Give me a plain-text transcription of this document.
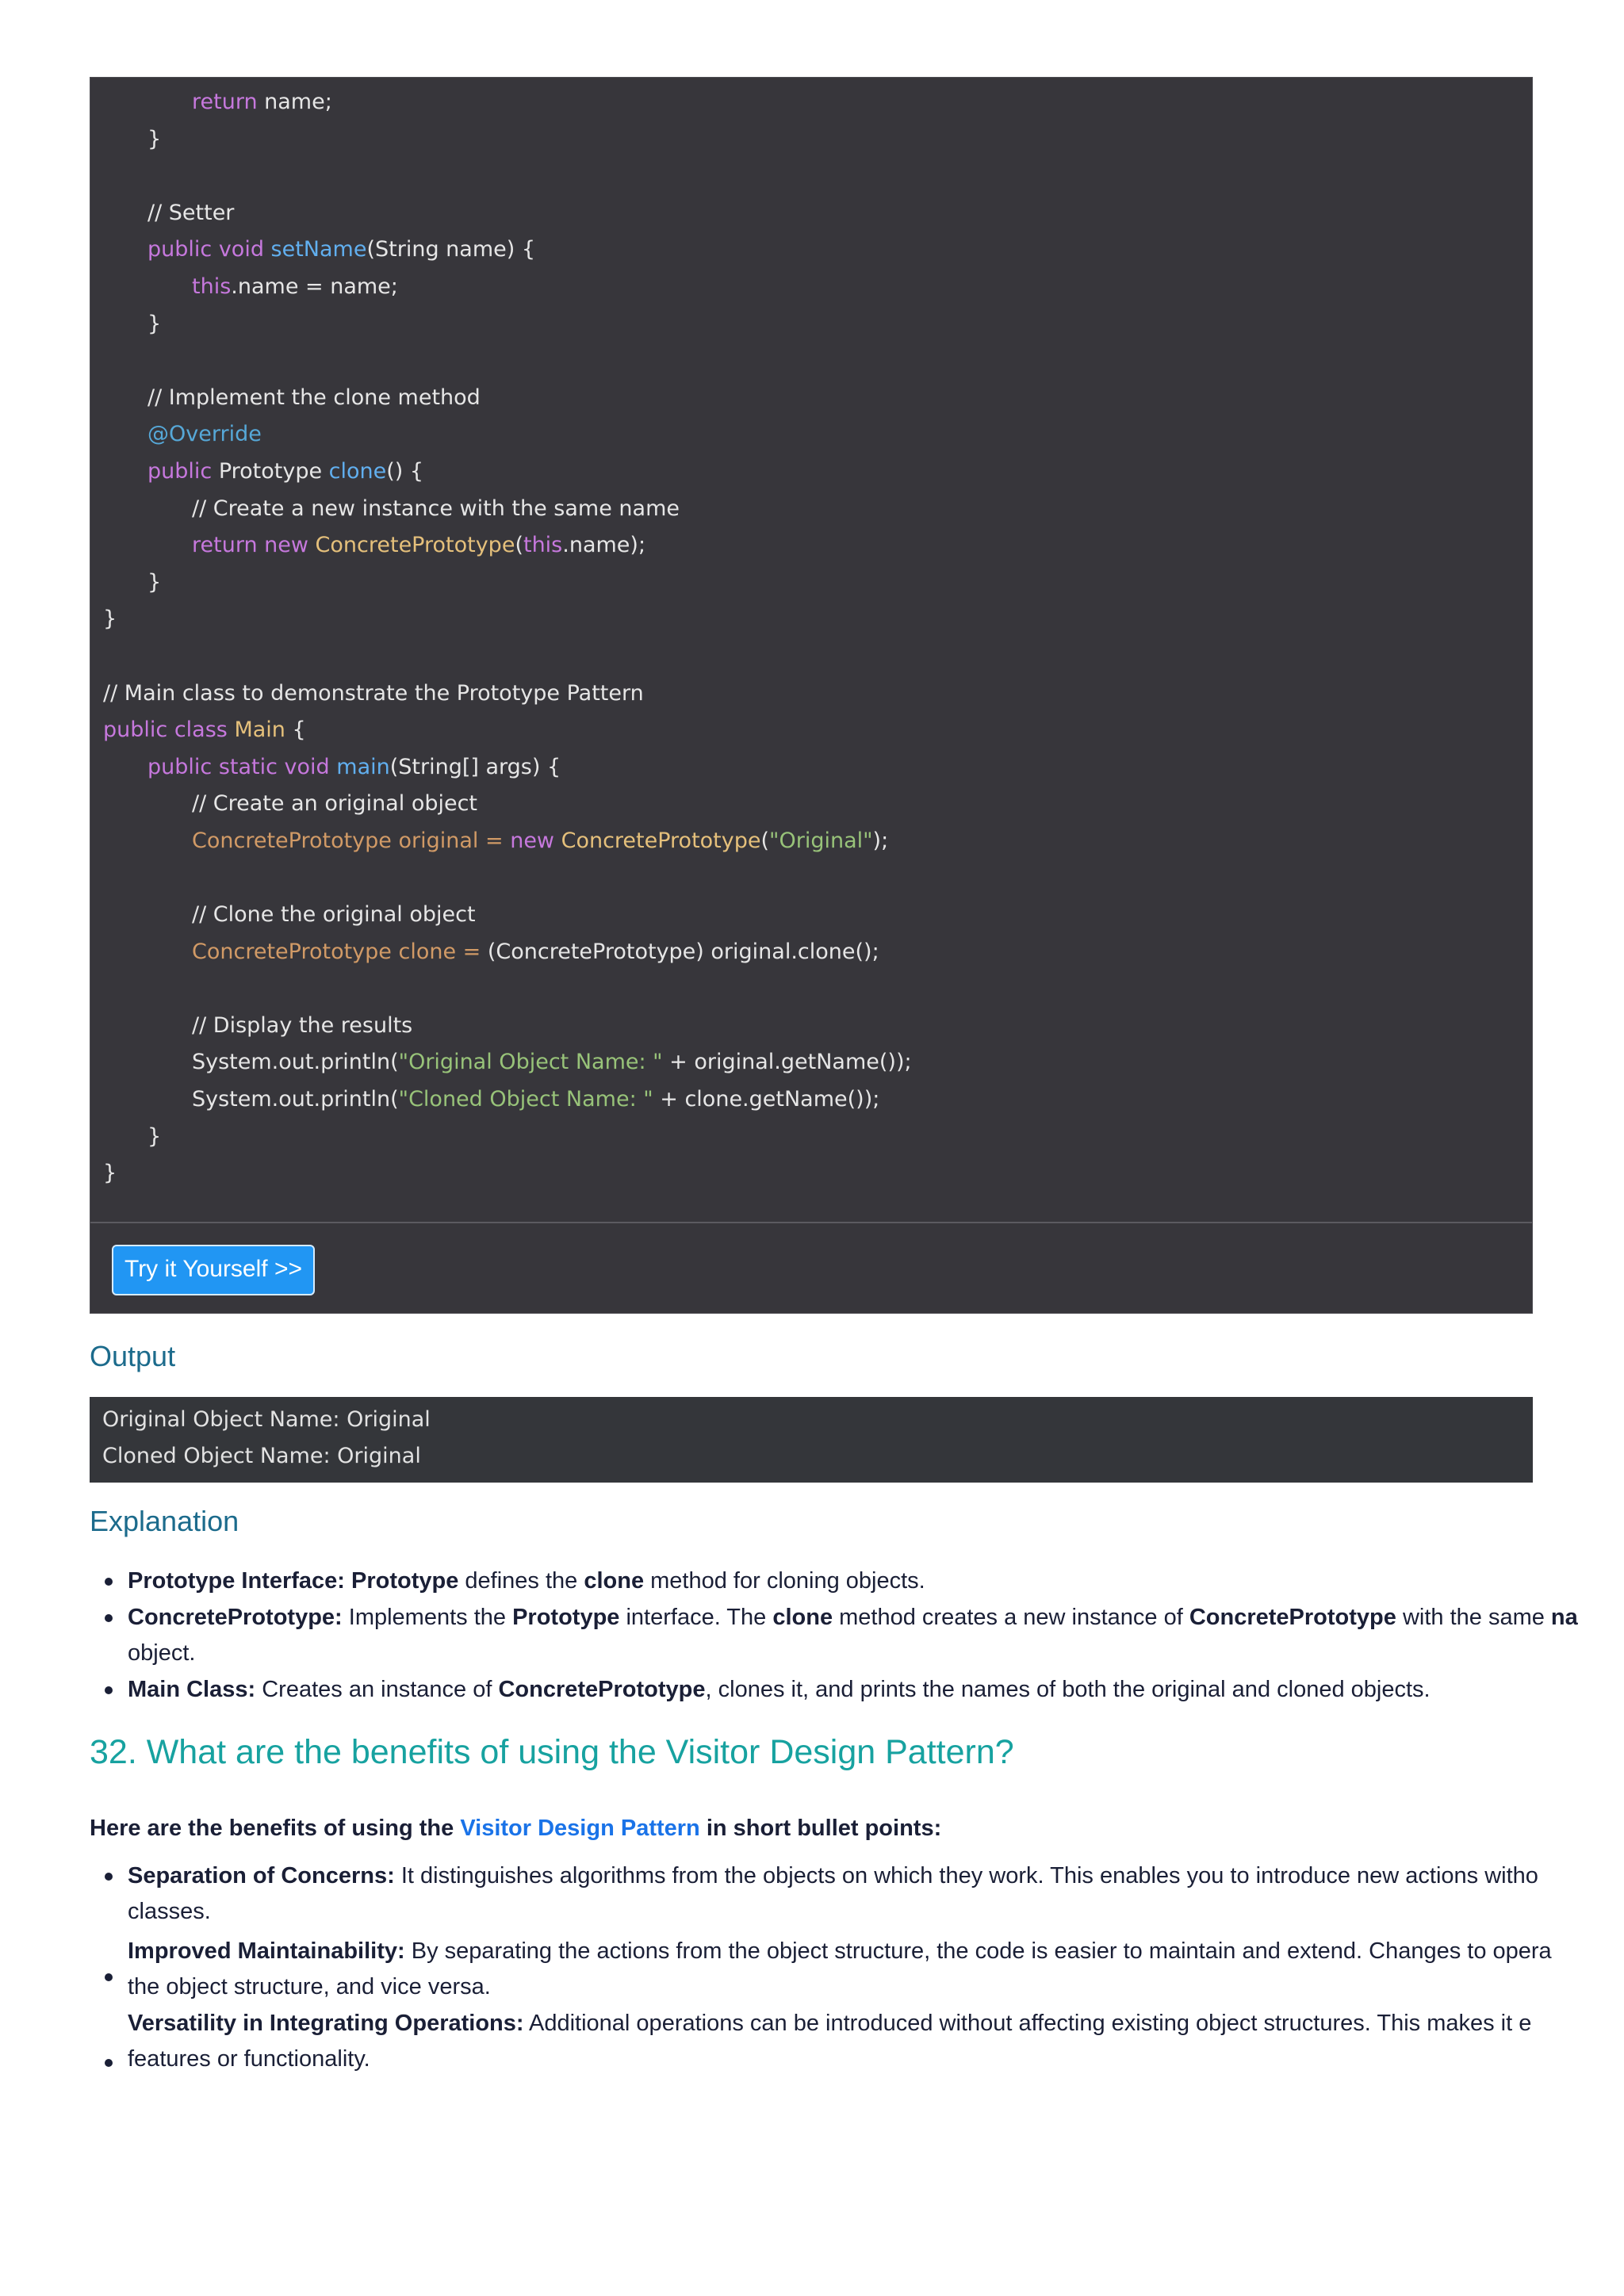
return name;
}
// Setter
public void setName(String name) {
this.name = name;
}
// Implement the clone method
@Override
public Prototype clone() {
// Create a new instance with the same name
return new ConcretePrototype(this.name);
}
}
// Main class to demonstrate the Prototype Pattern
public class Main {
public static void main(String[] args) {
// Create an original object
ConcretePrototype original = new ConcretePrototype("Original");
// Clone the original object
ConcretePrototype clone = (ConcretePrototype) original.clone();
// Display the results
System.out.println("Original Object Name: " + original.getName());
System.out.println("Cloned Object Name: " + clone.getName());
}
}
Try it Yourself >>
Output
Original Object Name: Original
Cloned Object Name: Original
Explanation
Prototype Interface: Prototype defines the clone method for cloning objects.
ConcretePrototype: Implements the Prototype interface. The clone method creates a new instance of ConcretePrototype with the same na
object.
Main Class: Creates an instance of ConcretePrototype, clones it, and prints the names of both the original and cloned objects.
32. What are the benefits of using the Visitor Design Pattern?
Here are the benefits of using the Visitor Design Pattern in short bullet points:
Separation of Concerns: It distinguishes algorithms from the objects on which they work. This enables you to introduce new actions witho
classes.
Improved Maintainability: By separating the actions from the object structure, the code is easier to maintain and extend. Changes to opera
the object structure, and vice versa.
Versatility in Integrating Operations: Additional operations can be introduced without affecting existing object structures. This makes it e
features or functionality.
